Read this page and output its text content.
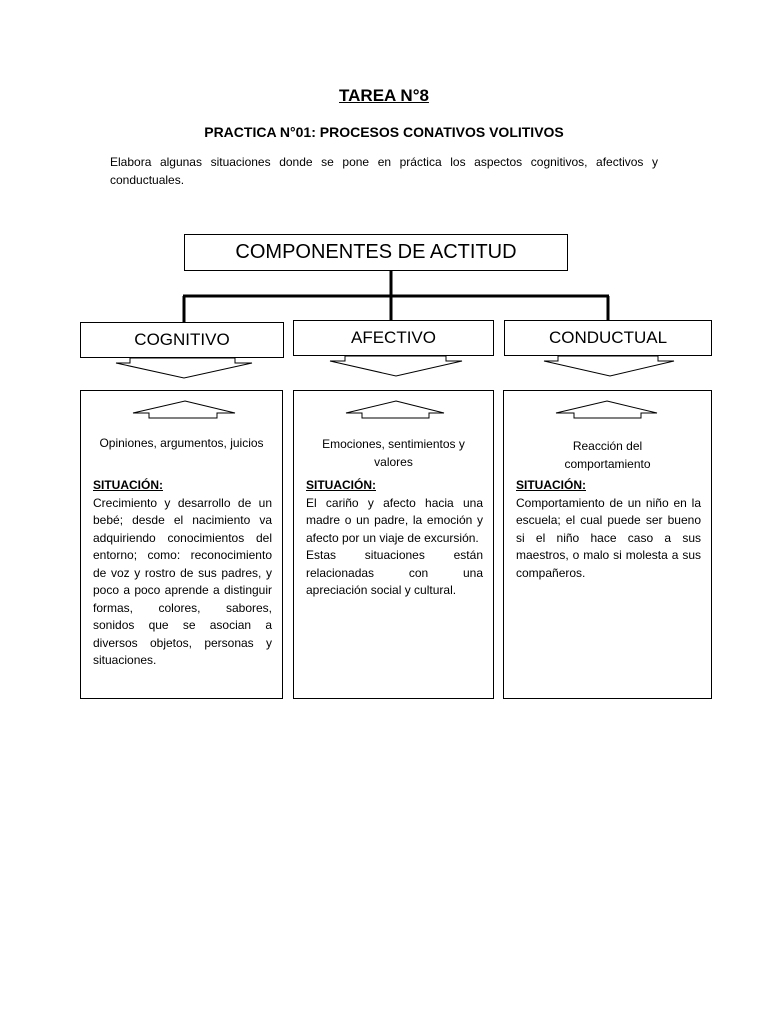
TAREA N°8
PRACTICA N°01: PROCESOS CONATIVOS VOLITIVOS
Elabora algunas situaciones donde se pone en práctica los aspectos cognitivos, afectivos y conductuales.
COMPONENTES DE ACTITUD
COGNITIVO	AFECTIVO	CONDUCTUAL
Opiniones, argumentos, juicios
SITUACIÓN:
Crecimiento y desarrollo de un bebé; desde el nacimiento va adquiriendo conocimientos del entorno; como: reconocimiento de voz y rostro de sus padres, y poco a poco aprende a distinguir formas, colores, sabores, sonidos que se asocian a diversos objetos, personas y situaciones.
Emociones, sentimientos y valores
SITUACIÓN:
El cariño y afecto hacia una madre o un padre, la emoción y afecto por un viaje de excursión.
Estas situaciones están relacionadas con una apreciación social y cultural.
Reacción del comportamiento
SITUACIÓN:
Comportamiento de un niño en la escuela; el cual puede ser bueno si el niño hace caso a sus maestros, o malo si molesta a sus compañeros.
